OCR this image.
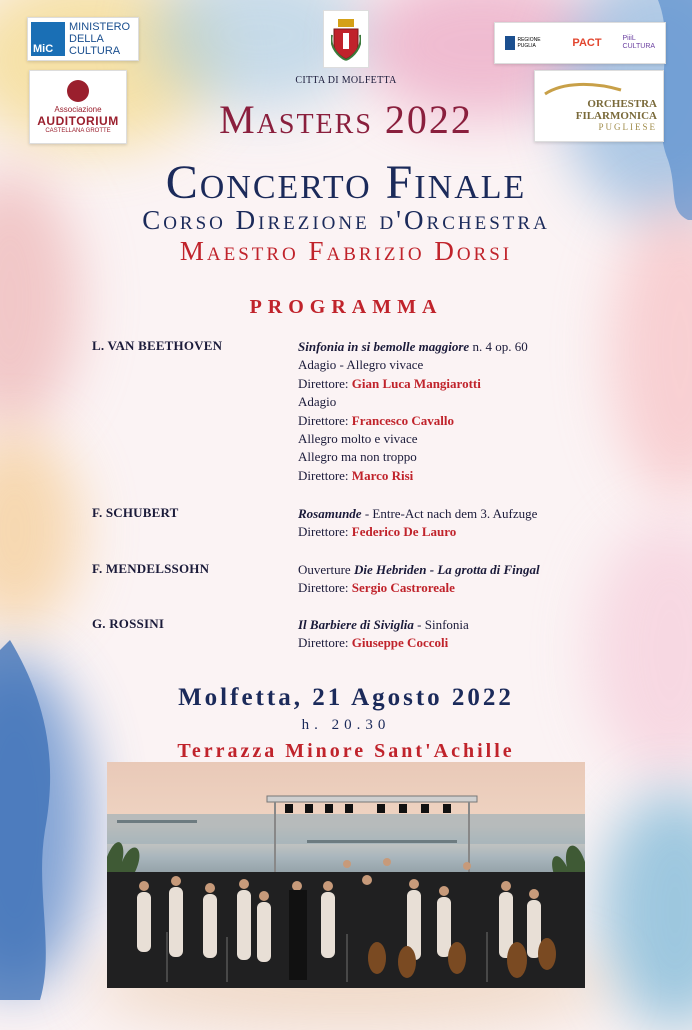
MiC
MINISTERO
DELLA
CULTURA
Associazione
AUDITORIUM
CASTELLANA GROTTE
CITTA DI MOLFETTA
REGIONE PUGLIA	PACT	PiiiL CULTURA
ORCHESTRA
FILARMONICA
PUGLIESE
Masters 2022
Concerto Finale
Corso Direzione d'Orchestra
Maestro Fabrizio Dorsi
PROGRAMMA
L. VAN BEETHOVEN	Sinfonia in si bemolle maggiore n. 4 op. 60
Adagio - Allegro vivace
Direttore: Gian Luca Mangiarotti
Adagio
Direttore: Francesco Cavallo
Allegro molto e vivace
Allegro ma non troppo
Direttore: Marco Risi
F. SCHUBERT	Rosamunde - Entre-Act nach dem 3. Aufzuge
Direttore: Federico De Lauro
F. MENDELSSOHN	Ouverture Die Hebriden - La grotta di Fingal
Direttore: Sergio Castroreale
G. ROSSINI	Il Barbiere di Siviglia - Sinfonia
Direttore: Giuseppe Coccoli
Molfetta, 21 Agosto 2022
h. 20.30
Terrazza Minore Sant'Achille
